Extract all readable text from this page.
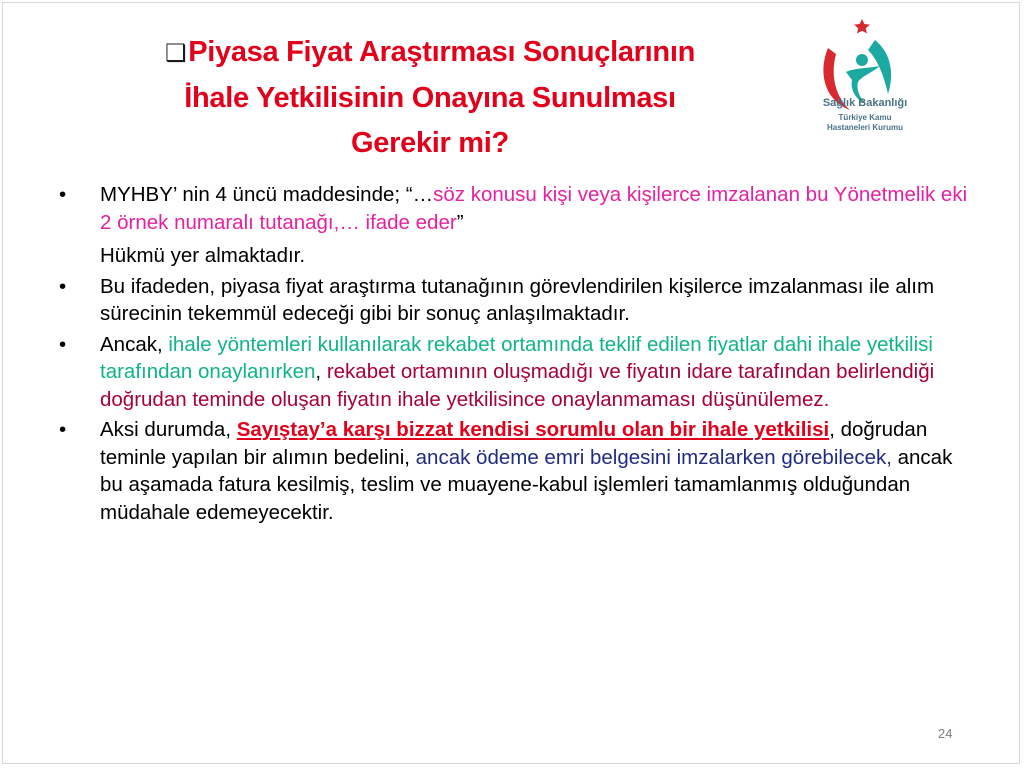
❑Piyasa Fiyat Araştırması Sonuçlarının
İhale Yetkilisinin Onayına Sunulması
Gerekir mi?
Sağlık Bakanlığı
Türkiye Kamu
Hastaneleri Kurumu
•	MYHBY’ nin 4 üncü maddesinde; “…söz konusu kişi veya kişilerce imzalanan bu Yönetmelik eki 2 örnek numaralı tutanağı,… ifade eder”
Hükmü yer almaktadır.
•	Bu ifadeden, piyasa fiyat araştırma tutanağının görevlendirilen kişilerce imzalanması ile alım sürecinin tekemmül edeceği gibi bir sonuç anlaşılmaktadır.
•	Ancak, ihale yöntemleri kullanılarak rekabet ortamında teklif edilen fiyatlar dahi ihale yetkilisi tarafından onaylanırken, rekabet ortamının oluşmadığı ve fiyatın idare tarafından belirlendiği doğrudan teminde oluşan fiyatın ihale yetkilisince onaylanmaması düşünülemez.
•	Aksi durumda, Sayıştay’a karşı bizzat kendisi sorumlu olan bir ihale yetkilisi, doğrudan teminle yapılan bir alımın bedelini, ancak ödeme emri belgesini imzalarken görebilecek, ancak bu aşamada fatura kesilmiş, teslim ve muayene-kabul işlemleri tamamlanmış olduğundan müdahale edemeyecektir.
24
